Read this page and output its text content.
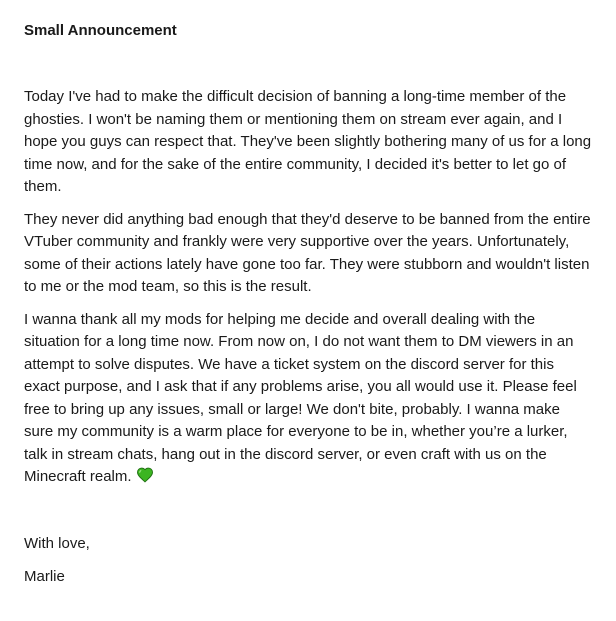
Small Announcement

Today I've had to make the difficult decision of banning a long-time member of the ghosties. I won't be naming them or mentioning them on stream ever again, and I hope you guys can respect that. They've been slightly bothering many of us for a long time now, and for the sake of the entire community, I decided it's better to let go of them.

They never did anything bad enough that they'd deserve to be banned from the entire VTuber community and frankly were very supportive over the years. Unfortunately, some of their actions lately have gone too far. They were stubborn and wouldn't listen to me or the mod team, so this is the result.

I wanna thank all my mods for helping me decide and overall dealing with the situation for a long time now. From now on, I do not want them to DM viewers in an attempt to solve disputes. We have a ticket system on the discord server for this exact purpose, and I ask that if any problems arise, you all would use it. Please feel free to bring up any issues, small or large! We don't bite, probably. I wanna make sure my community is a warm place for everyone to be in, whether you’re a lurker, talk in stream chats, hang out in the discord server, or even craft with us on the Minecraft realm.

With love,

Marlie
